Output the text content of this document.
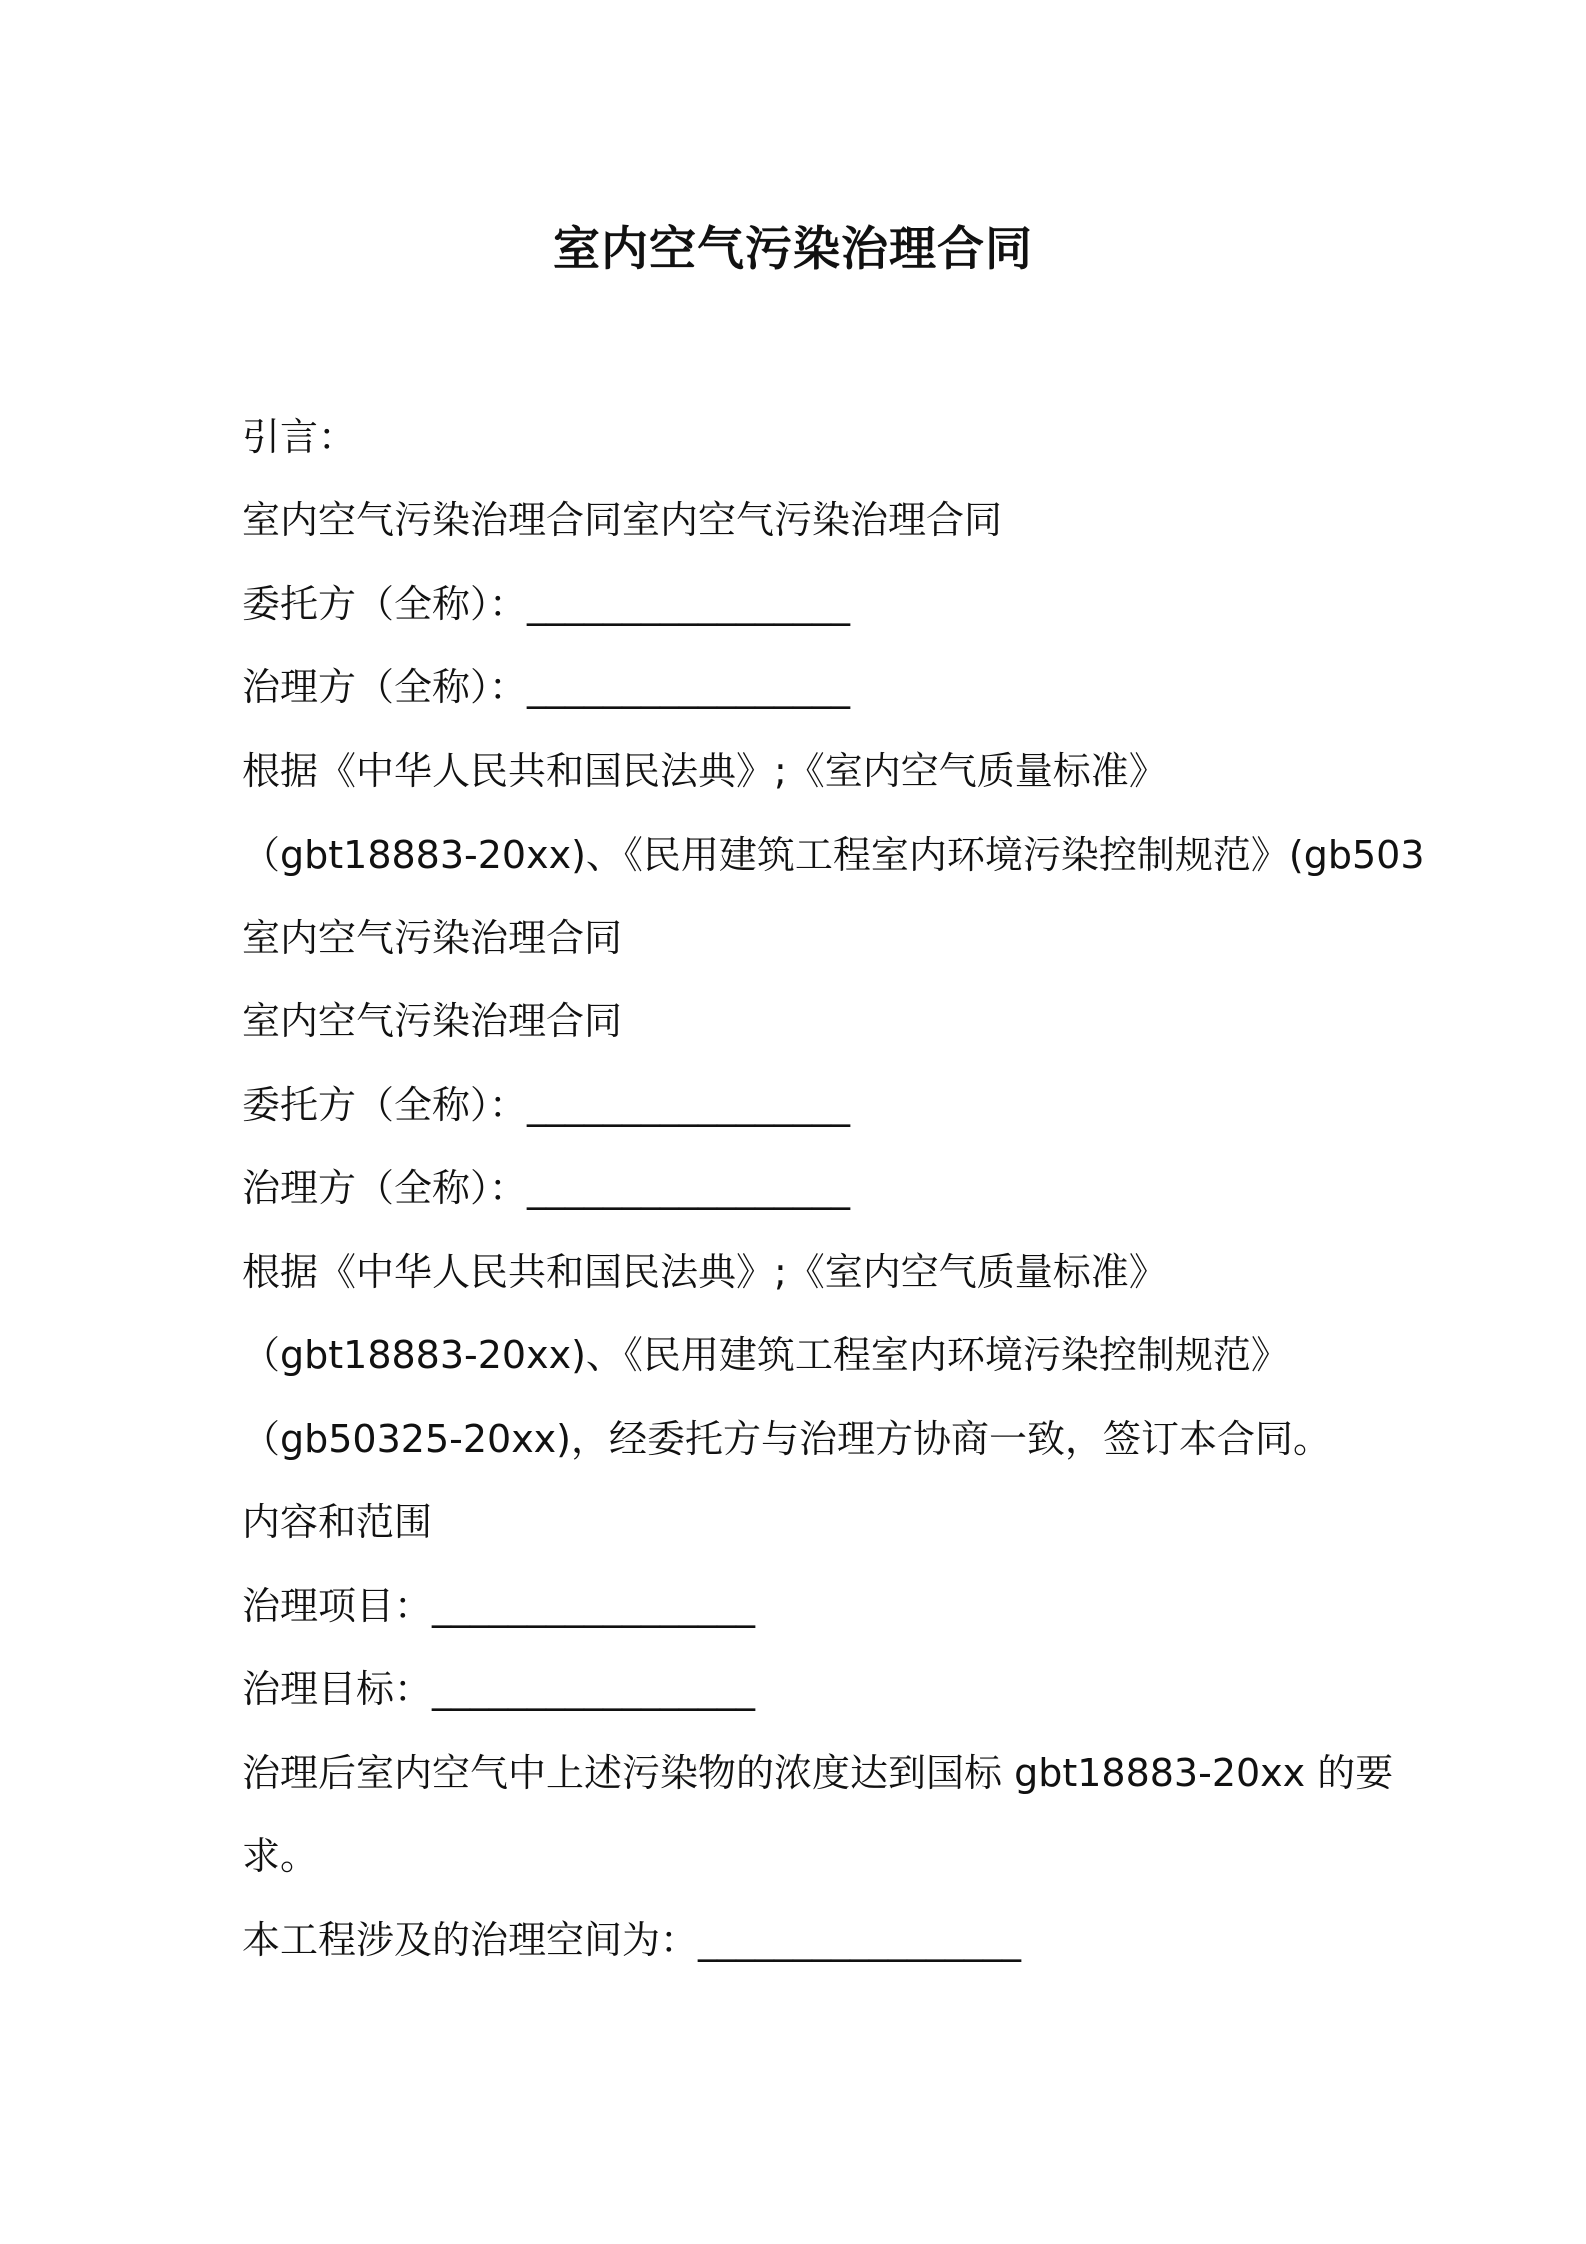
室内空气污染治理合同

引言：

室内空气污染治理合同室内空气污染治理合同

委托方（全称）：_________________

治理方（全称）：_________________

根据《中华人民共和国民法典》;《室内空气质量标准》

（gbt18883-20xx)、《民用建筑工程室内环境污染控制规范》(gb503

室内空气污染治理合同

室内空气污染治理合同

委托方（全称）：_________________

治理方（全称）：_________________

根据《中华人民共和国民法典》;《室内空气质量标准》

（gbt18883-20xx)、《民用建筑工程室内环境污染控制规范》

（gb50325-20xx)，经委托方与治理方协商一致，签订本合同。

内容和范围

治理项目：_________________

治理目标：_________________

治理后室内空气中上述污染物的浓度达到国标 gbt18883-20xx 的要

求。

本工程涉及的治理空间为：_________________
